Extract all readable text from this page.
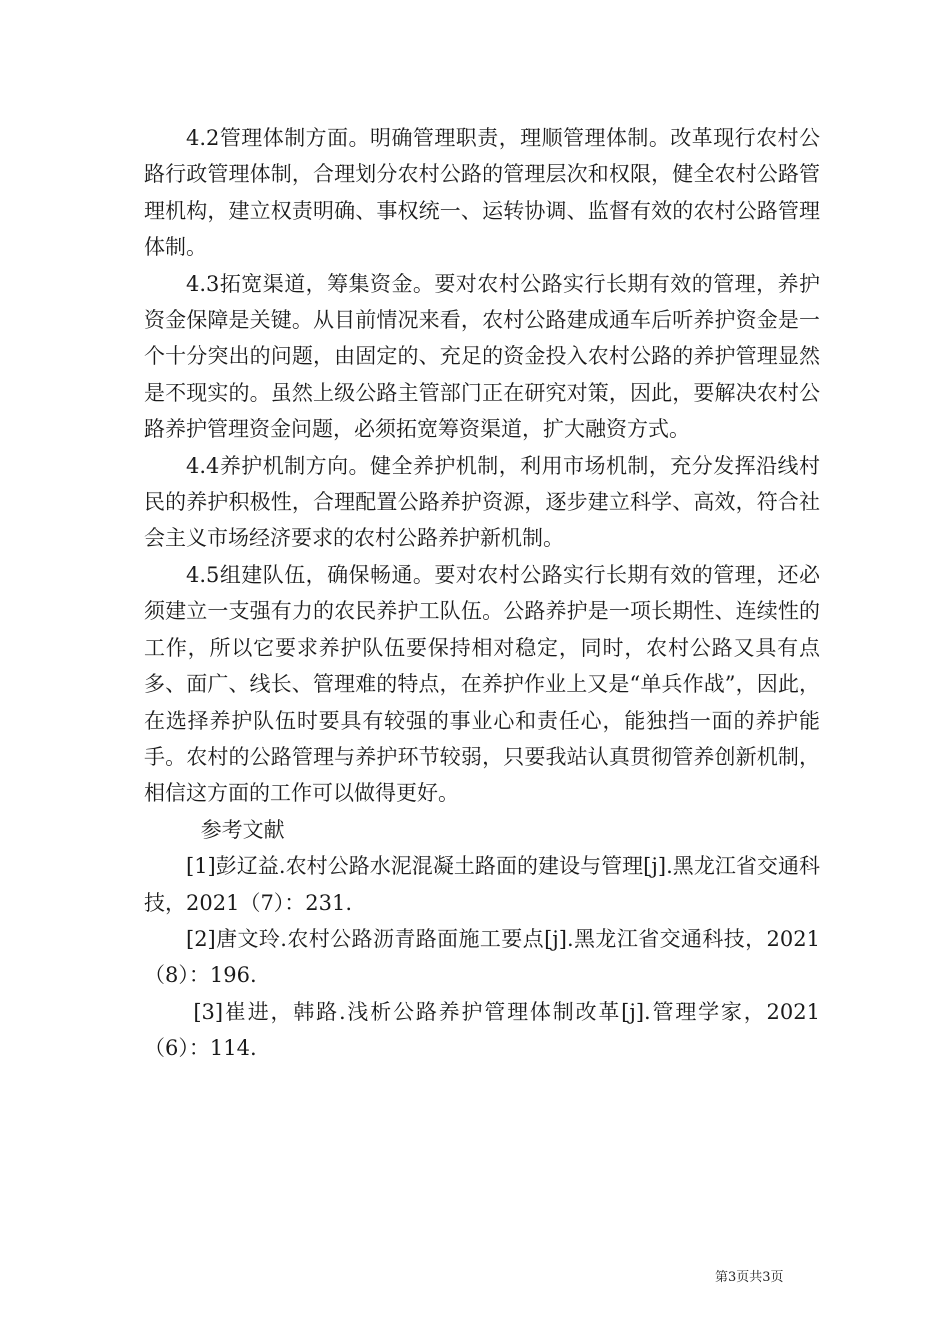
4.2管理体制方面。明确管理职责，理顺管理体制。改革现行农村公路行政管理体制，合理划分农村公路的管理层次和权限，健全农村公路管理机构，建立权责明确、事权统一、运转协调、监督有效的农村公路管理体制。

4.3拓宽渠道，筹集资金。要对农村公路实行长期有效的管理，养护资金保障是关键。从目前情况来看，农村公路建成通车后听养护资金是一个十分突出的问题，由固定的、充足的资金投入农村公路的养护管理显然是不现实的。虽然上级公路主管部门正在研究对策，因此，要解决农村公路养护管理资金问题，必须拓宽筹资渠道，扩大融资方式。

4.4养护机制方向。健全养护机制，利用市场机制，充分发挥沿线村民的养护积极性，合理配置公路养护资源，逐步建立科学、高效，符合社会主义市场经济要求的农村公路养护新机制。

4.5组建队伍，确保畅通。要对农村公路实行长期有效的管理，还必须建立一支强有力的农民养护工队伍。公路养护是一项长期性、连续性的工作，所以它要求养护队伍要保持相对稳定，同时，农村公路又具有点多、面广、线长、管理难的特点，在养护作业上又是“单兵作战”，因此，在选择养护队伍时要具有较强的事业心和责任心，能独挡一面的养护能手。农村的公路管理与养护环节较弱，只要我站认真贯彻管养创新机制，相信这方面的工作可以做得更好。

参考文献

[1]彭辽益.农村公路水泥混凝土路面的建设与管理[j].黑龙江省交通科技，2021（7）：231.

[2]唐文玲.农村公路沥青路面施工要点[j].黑龙江省交通科技，2021（8）：196.

[3]崔进，韩路.浅析公路养护管理体制改革[j].管理学家，2021（6）：114.

第3页共3页
